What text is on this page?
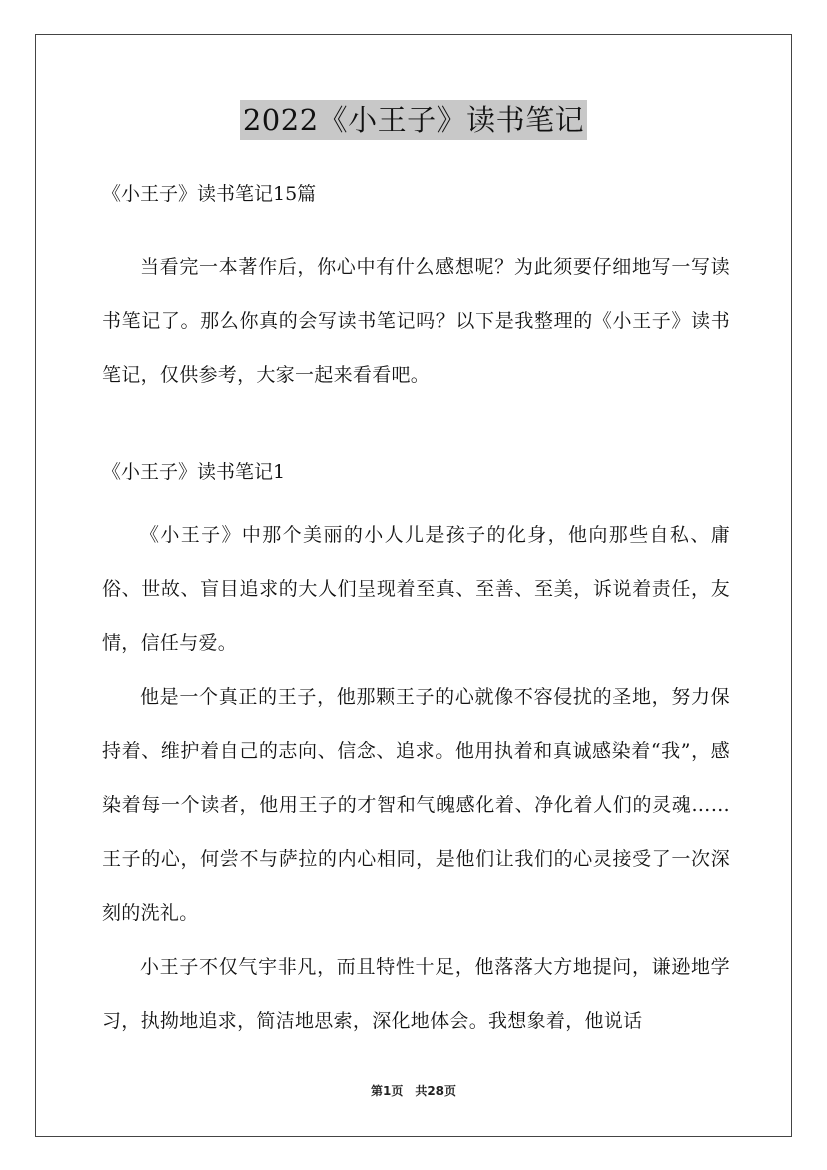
2022《小王子》读书笔记

《小王子》读书笔记15篇

当看完一本著作后，你心中有什么感想呢？为此须要仔细地写一写读书笔记了。那么你真的会写读书笔记吗？以下是我整理的《小王子》读书笔记，仅供参考，大家一起来看看吧。

《小王子》读书笔记1

《小王子》中那个美丽的小人儿是孩子的化身，他向那些自私、庸俗、世故、盲目追求的大人们呈现着至真、至善、至美，诉说着责任，友情，信任与爱。

他是一个真正的王子，他那颗王子的心就像不容侵扰的圣地，努力保持着、维护着自己的志向、信念、追求。他用执着和真诚感染着“我”，感染着每一个读者，他用王子的才智和气魄感化着、净化着人们的灵魂……王子的心，何尝不与萨拉的内心相同，是他们让我们的心灵接受了一次深刻的洗礼。

小王子不仅气宇非凡，而且特性十足，他落落大方地提问，谦逊地学习，执拗地追求，简洁地思索，深化地体会。我想象着，他说话

第1页　共28页
